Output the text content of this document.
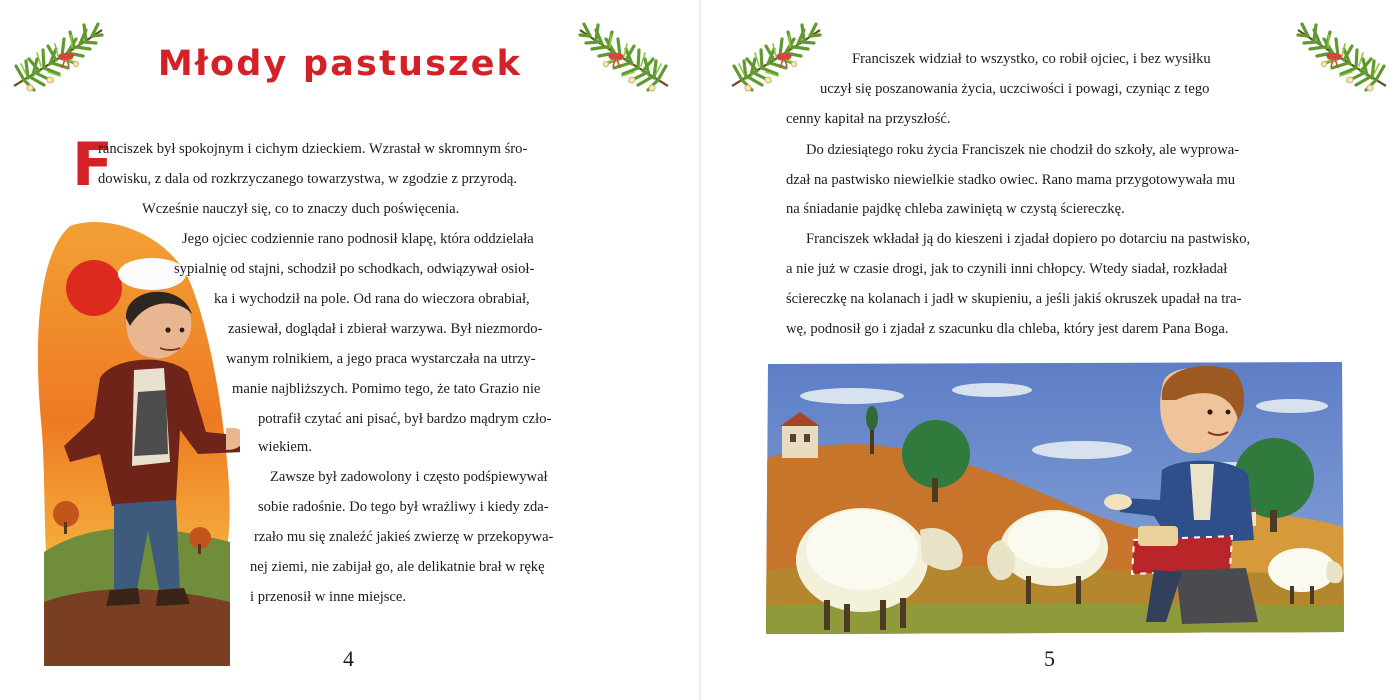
Młody pastuszek
F
ranciszek był spokojnym i cichym dzieckiem. Wzrastał w skromnym śro-
dowisku, z dala od rozkrzyczanego towarzystwa, w zgodzie z przyrodą.
Wcześnie nauczył się, co to znaczy duch poświęcenia.
Jego ojciec codziennie rano podnosił klapę, która oddzielała
sypialnię od stajni, schodził po schodkach, odwiązywał osioł-
ka i wychodził na pole. Od rana do wieczora obrabiał,
zasiewał, doglądał i zbierał warzywa. Był niezmordo-
wanym rolnikiem, a jego praca wystarczała na utrzy-
manie najbliższych. Pomimo tego, że tato Grazio nie
potrafił czytać ani pisać, był bardzo mądrym czło-
wiekiem.
Zawsze był zadowolony i często podśpiewywał
sobie radośnie. Do tego był wrażliwy i kiedy zda-
rzało mu się znaleźć jakieś zwierzę w przekopywa-
nej ziemi, nie zabijał go, ale delikatnie brał w rękę
i przenosił w inne miejsce.
4
Franciszek widział to wszystko, co robił ojciec, i bez wysiłku
uczył się poszanowania życia, uczciwości i powagi, czyniąc z tego
cenny kapitał na przyszłość.
Do dziesiątego roku życia Franciszek nie chodził do szkoły, ale wyprowa-
dzał na pastwisko niewielkie stadko owiec. Rano mama przygotowywała mu
na śniadanie pajdkę chleba zawiniętą w czystą ściereczkę.
Franciszek wkładał ją do kieszeni i zjadał dopiero po dotarciu na pastwisko,
a nie już w czasie drogi, jak to czynili inni chłopcy. Wtedy siadał, rozkładał
ściereczkę na kolanach i jadł w skupieniu, a jeśli jakiś okruszek upadał na tra-
wę, podnosił go i zjadał z szacunku dla chleba, który jest darem Pana Boga.
5
